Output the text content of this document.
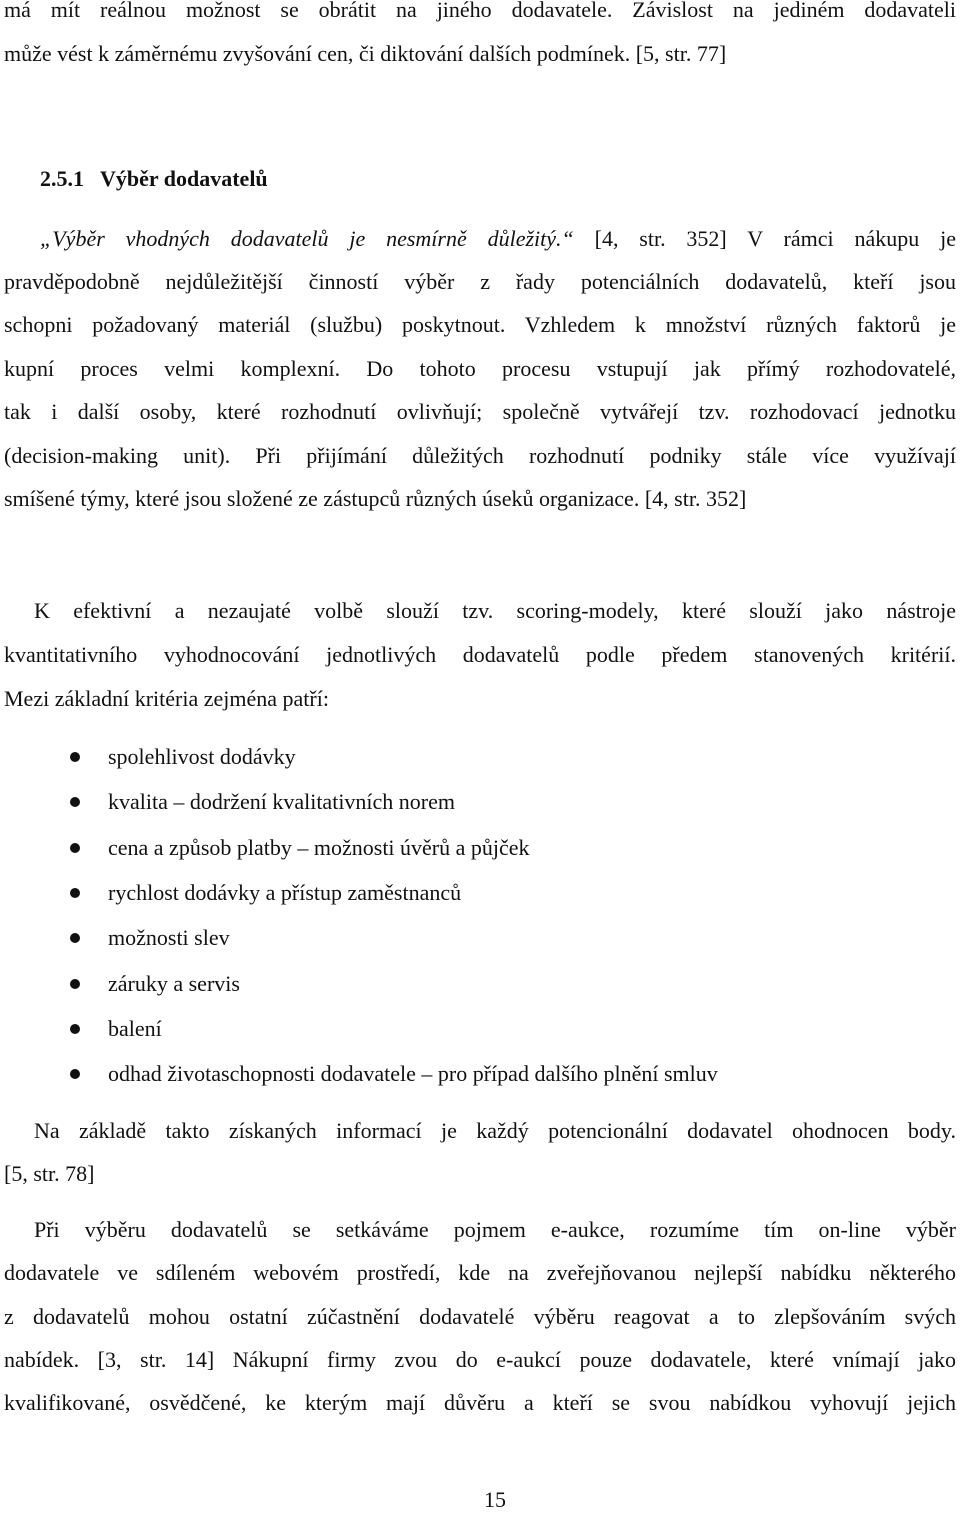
má mít reálnou možnost se obrátit na jiného dodavatele. Závislost na jediném dodavateli
může vést k záměrnému zvyšování cen, či diktování dalších podmínek. [5, str. 77]
2.5.1 Výběr dodavatelů
„Výběr vhodných dodavatelů je nesmírně důležitý.“ [4, str. 352] V rámci nákupu je
pravděpodobně nejdůležitější činností výběr z řady potenciálních dodavatelů, kteří jsou
schopni požadovaný materiál (službu) poskytnout. Vzhledem k množství různých faktorů je
kupní proces velmi komplexní. Do tohoto procesu vstupují jak přímý rozhodovatelé,
tak i další osoby, které rozhodnutí ovlivňují; společně vytvářejí tzv. rozhodovací jednotku
(decision-making unit). Při přijímání důležitých rozhodnutí podniky stále více využívají
smíšené týmy, které jsou složené ze zástupců různých úseků organizace. [4, str. 352]
K efektivní a nezaujaté volbě slouží tzv. scoring-modely, které slouží jako nástroje
kvantitativního vyhodnocování jednotlivých dodavatelů podle předem stanovených kritérií.
Mezi základní kritéria zejména patří:
spolehlivost dodávky
kvalita – dodržení kvalitativních norem
cena a způsob platby – možnosti úvěrů a půjček
rychlost dodávky a přístup zaměstnanců
možnosti slev
záruky a servis
balení
odhad životaschopnosti dodavatele – pro případ dalšího plnění smluv
Na základě takto získaných informací je každý potencionální dodavatel ohodnocen body.
[5, str. 78]
Při výběru dodavatelů se setkáváme pojmem e-aukce, rozumíme tím on-line výběr
dodavatele ve sdíleném webovém prostředí, kde na zveřejňovanou nejlepší nabídku některého
z dodavatelů mohou ostatní zúčastnění dodavatelé výběru reagovat a to zlepšováním svých
nabídek. [3, str. 14] Nákupní firmy zvou do e-aukcí pouze dodavatele, které vnímají jako
kvalifikované, osvědčené, ke kterým mají důvěru a kteří se svou nabídkou vyhovují jejich
15
